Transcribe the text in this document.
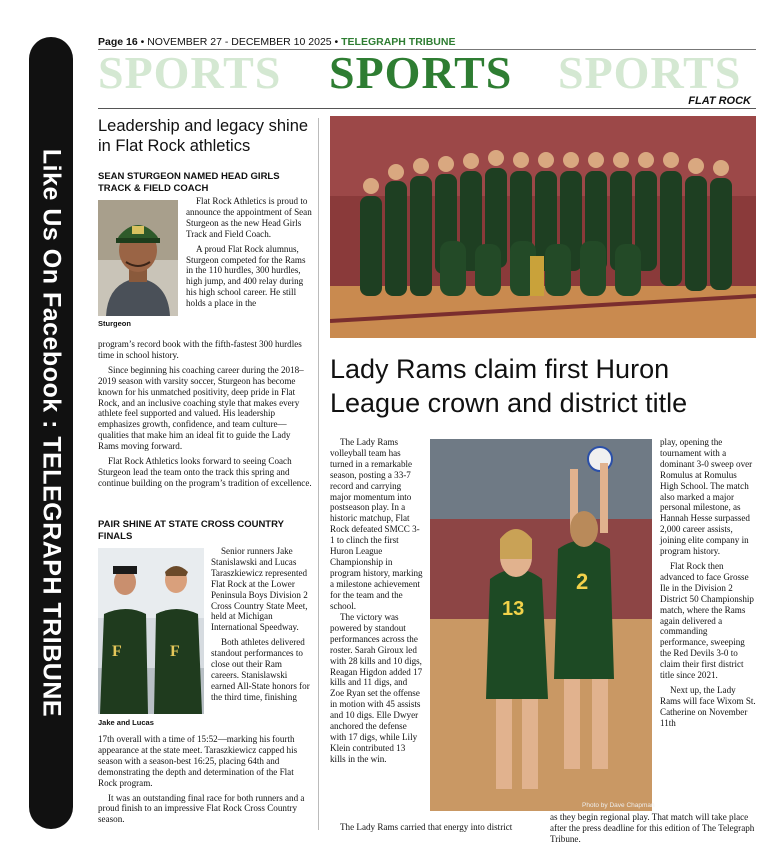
Like Us On Facebook : TELEGRAPH TRIBUNE
Page 16 • NOVEMBER 27 - DECEMBER 10 2025 • TELEGRAPH TRIBUNE
SPORTS SPORTS SPORTS
FLAT ROCK
Leadership and legacy shine in Flat Rock athletics
SEAN STURGEON NAMED HEAD GIRLS TRACK & FIELD COACH
Sturgeon

Flat Rock Athletics is proud to announce the appointment of Sean Sturgeon as the new Head Girls Track and Field Coach.

A proud Flat Rock alumnus, Sturgeon competed for the Rams in the 110 hurdles, 300 hurdles, high jump, and 400 relay during his high school career. He still holds a place in the

program’s record book with the fifth-fastest 300 hurdles time in school history.

Since beginning his coaching career during the 2018–2019 season with varsity soccer, Sturgeon has become known for his unmatched positivity, deep pride in Flat Rock, and an inclusive coaching style that makes every athlete feel supported and valued. His leadership emphasizes growth, confidence, and team culture—qualities that make him an ideal fit to guide the Lady Rams moving forward.

Flat Rock Athletics looks forward to seeing Coach Sturgeon lead the team onto the track this spring and continue building on the program’s tradition of excellence.

PAIR SHINE AT STATE CROSS COUNTRY FINALS
F	F
Jake and Lucas

Senior runners Jake Stanislawski and Lucas Taraszkiewicz represented Flat Rock at the Lower Peninsula Boys Division 2 Cross Country State Meet, held at Michigan International Speedway.

Both athletes delivered standout performances to close out their Ram careers. Stanislawski earned All-State honors for the third time, finishing

17th overall with a time of 15:52—marking his fourth appearance at the state meet. Taraszkiewicz capped his season with a season-best 16:25, placing 64th and demonstrating the depth and determination of the Flat Rock program.

It was an outstanding final race for both runners and a proud finish to an impressive Flat Rock Cross Country season.

Lady Rams claim first Huron League crown and district title
13
2
Photo by Dave Chapman

The Lady Rams volleyball team has turned in a remarkable season, posting a 33-7 record and carrying major momentum into postseason play. In a historic matchup, Flat Rock defeated SMCC 3-1 to clinch the first Huron League Championship in program history, marking a milestone achievement for the team and the school.

The victory was powered by standout performances across the roster. Sarah Giroux led with 28 kills and 10 digs, Reagan Higdon added 17 kills and 11 digs, and Zoe Ryan set the offense in motion with 45 assists and 10 digs. Elle Dwyer anchored the defense with 17 digs, while Lily Klein contributed 13 kills in the win.

The Lady Rams carried that energy into district

play, opening the tournament with a dominant 3-0 sweep over Romulus at Romulus High School. The match also marked a major personal milestone, as Hannah Hesse surpassed 2,000 career assists, joining elite company in program history.

Flat Rock then advanced to face Grosse Ile in the Division 2 District 50 Championship match, where the Rams again delivered a commanding performance, sweeping the Red Devils 3-0 to claim their first district title since 2021.

Next up, the Lady Rams will face Wixom St. Catherine on November 11th

as they begin regional play. That match will take place after the press deadline for this edition of The Telegraph Tribune.
